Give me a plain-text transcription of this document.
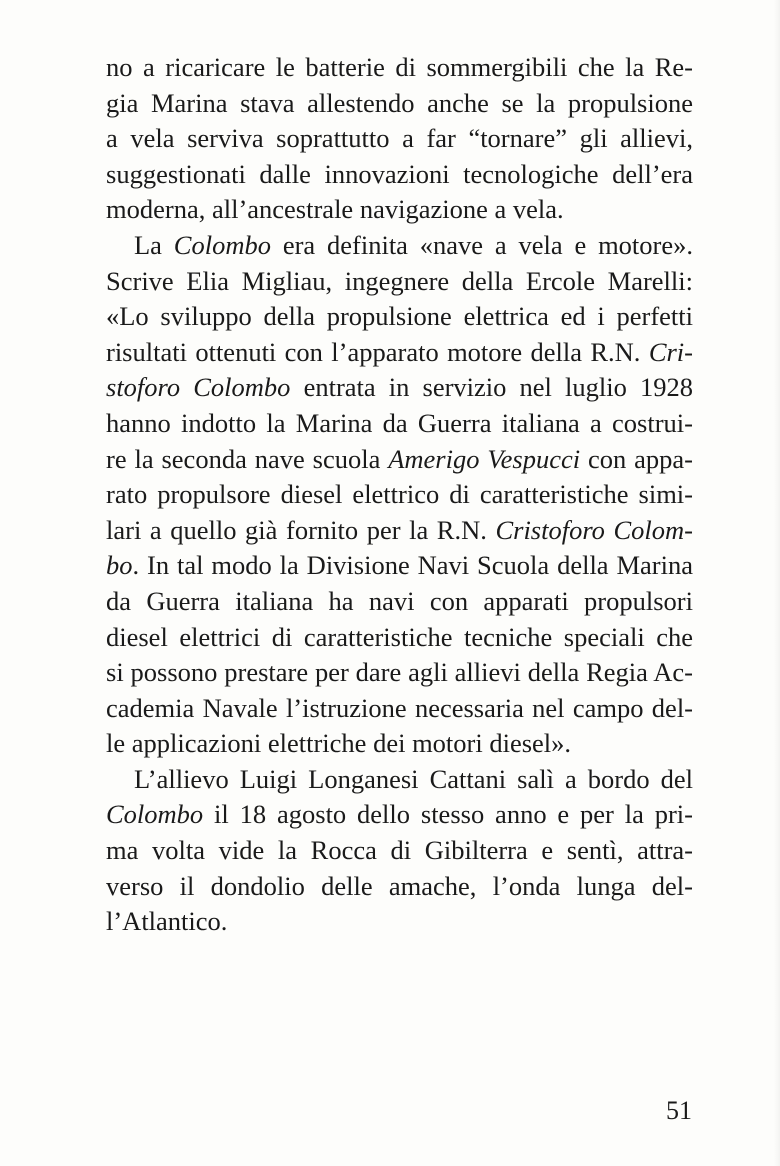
no a ricaricare le batterie di sommergibili che la Re-
gia Marina stava allestendo anche se la propulsione
a vela serviva soprattutto a far “tornare” gli allievi,
suggestionati dalle innovazioni tecnologiche dell’era
moderna, all’ancestrale navigazione a vela.
La Colombo era definita «nave a vela e motore».
Scrive Elia Migliau, ingegnere della Ercole Marelli:
«Lo sviluppo della propulsione elettrica ed i perfetti
risultati ottenuti con l’apparato motore della R.N. Cri-
stoforo Colombo entrata in servizio nel luglio 1928
hanno indotto la Marina da Guerra italiana a costrui-
re la seconda nave scuola Amerigo Vespucci con appa-
rato propulsore diesel elettrico di caratteristiche simi-
lari a quello già fornito per la R.N. Cristoforo Colom-
bo. In tal modo la Divisione Navi Scuola della Marina
da Guerra italiana ha navi con apparati propulsori
diesel elettrici di caratteristiche tecniche speciali che
si possono prestare per dare agli allievi della Regia Ac-
cademia Navale l’istruzione necessaria nel campo del-
le applicazioni elettriche dei motori diesel».
L’allievo Luigi Longanesi Cattani salì a bordo del
Colombo il 18 agosto dello stesso anno e per la pri-
ma volta vide la Rocca di Gibilterra e sentì, attra-
verso il dondolio delle amache, l’onda lunga del-
l’Atlantico.
51
